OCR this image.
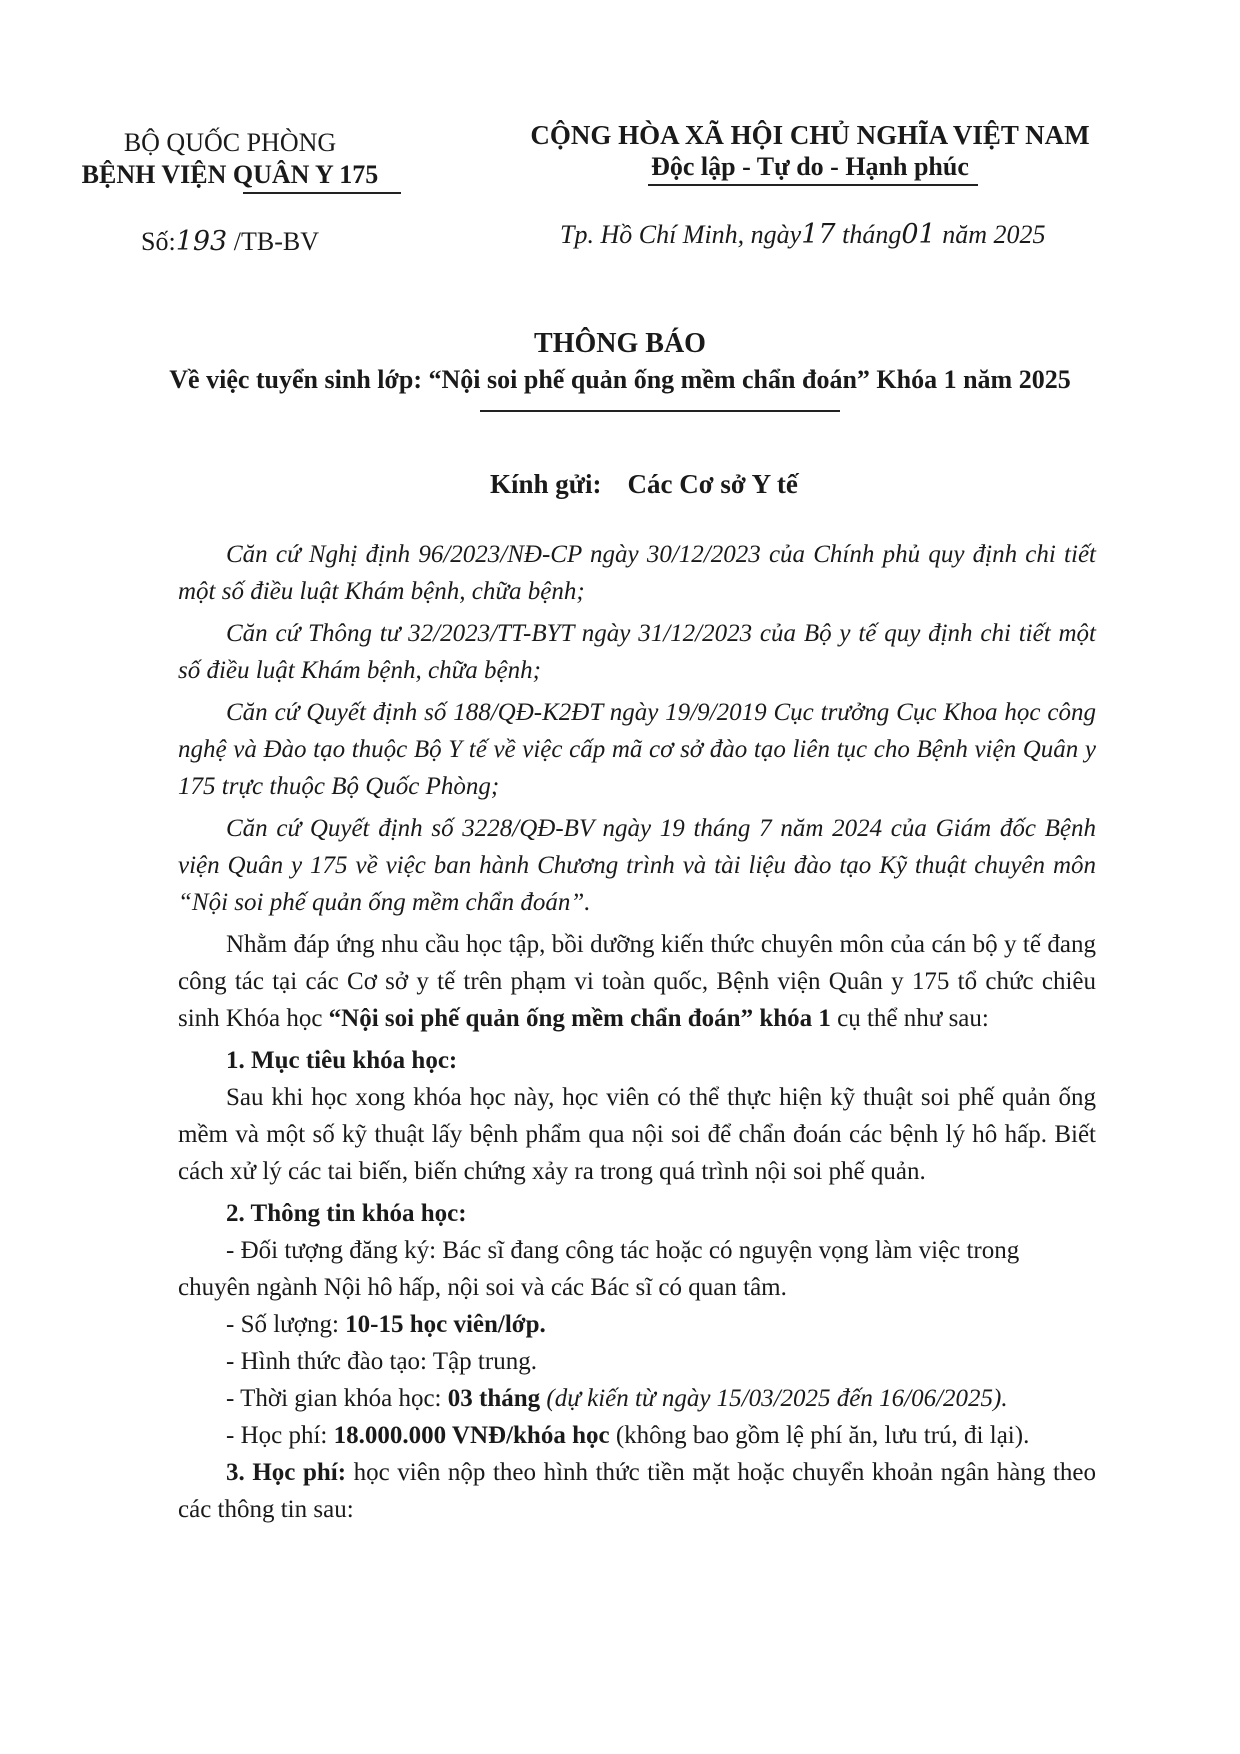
BỘ QUỐC PHÒNG
BỆNH VIỆN QUÂN Y 175
CỘNG HÒA XÃ HỘI CHỦ NGHĨA VIỆT NAM
Độc lập - Tự do - Hạnh phúc
Số:193 /TB-BV	Tp. Hồ Chí Minh, ngày17 tháng01 năm 2025
THÔNG BÁO
Về việc tuyển sinh lớp: “Nội soi phế quản ống mềm chẩn đoán” Khóa 1 năm 2025
Kính gửi: Các Cơ sở Y tế

Căn cứ Nghị định 96/2023/NĐ-CP ngày 30/12/2023 của Chính phủ quy định chi tiết một số điều luật Khám bệnh, chữa bệnh;

Căn cứ Thông tư 32/2023/TT-BYT ngày 31/12/2023 của Bộ y tế quy định chi tiết một số điều luật Khám bệnh, chữa bệnh;

Căn cứ Quyết định số 188/QĐ-K2ĐT ngày 19/9/2019 Cục trưởng Cục Khoa học công nghệ và Đào tạo thuộc Bộ Y tế về việc cấp mã cơ sở đào tạo liên tục cho Bệnh viện Quân y 175 trực thuộc Bộ Quốc Phòng;

Căn cứ Quyết định số 3228/QĐ-BV ngày 19 tháng 7 năm 2024 của Giám đốc Bệnh viện Quân y 175 về việc ban hành Chương trình và tài liệu đào tạo Kỹ thuật chuyên môn “Nội soi phế quản ống mềm chẩn đoán”.

Nhằm đáp ứng nhu cầu học tập, bồi dưỡng kiến thức chuyên môn của cán bộ y tế đang công tác tại các Cơ sở y tế trên phạm vi toàn quốc, Bệnh viện Quân y 175 tổ chức chiêu sinh Khóa học “Nội soi phế quản ống mềm chẩn đoán” khóa 1 cụ thể như sau:

1. Mục tiêu khóa học:

Sau khi học xong khóa học này, học viên có thể thực hiện kỹ thuật soi phế quản ống mềm và một số kỹ thuật lấy bệnh phẩm qua nội soi để chẩn đoán các bệnh lý hô hấp. Biết cách xử lý các tai biến, biến chứng xảy ra trong quá trình nội soi phế quản.

2. Thông tin khóa học:

- Đối tượng đăng ký: Bác sĩ đang công tác hoặc có nguyện vọng làm việc trong chuyên ngành Nội hô hấp, nội soi và các Bác sĩ có quan tâm.

- Số lượng: 10-15 học viên/lớp.

- Hình thức đào tạo: Tập trung.

- Thời gian khóa học: 03 tháng (dự kiến từ ngày 15/03/2025 đến 16/06/2025).

- Học phí: 18.000.000 VNĐ/khóa học (không bao gồm lệ phí ăn, lưu trú, đi lại).

3. Học phí: học viên nộp theo hình thức tiền mặt hoặc chuyển khoản ngân hàng theo các thông tin sau:
